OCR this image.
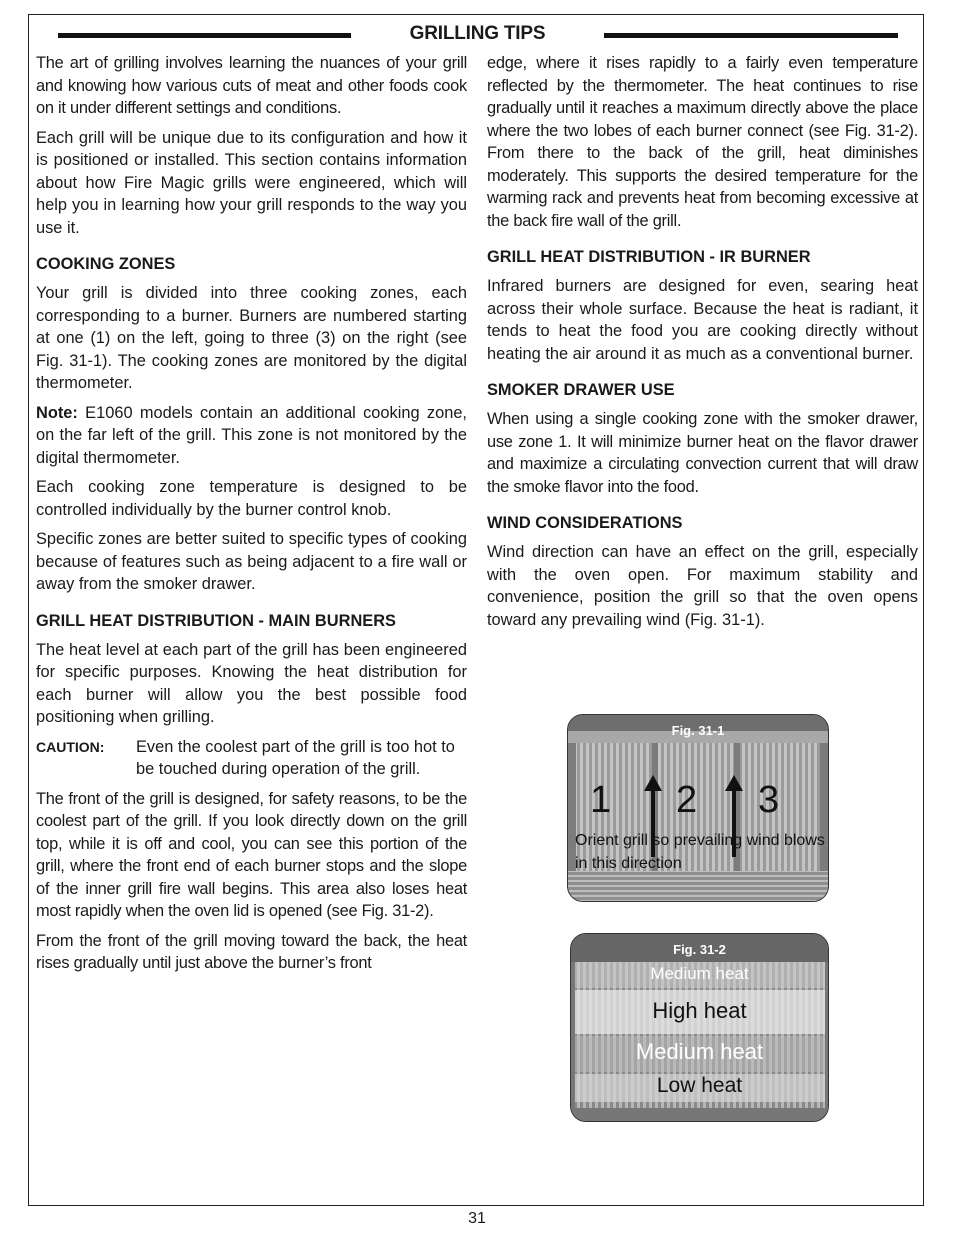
GRILLING TIPS

The art of grilling involves learning the nuances of your grill and knowing how various cuts of meat and other foods cook on it under different settings and conditions.

Each grill will be unique due to its configuration and how it is positioned or installed. This section contains information about how Fire Magic grills were engineered, which will help you in learning how your grill responds to the way you use it.

COOKING ZONES

Your grill is divided into three cooking zones, each corresponding to a burner. Burners are numbered starting at one (1) on the left, going to three (3) on the right (see Fig. 31-1). The cooking zones are monitored by the digital thermometer.

Note: E1060 models contain an additional cooking zone, on the far left of the grill. This zone is not monitored by the digital thermometer.

Each cooking zone temperature is designed to be controlled individually by the burner control knob.

Specific zones are better suited to specific types of cooking because of features such as being adjacent to a fire wall or away from the smoker drawer.

GRILL HEAT DISTRIBUTION - MAIN BURNERS

The heat level at each part of the grill has been engineered for specific purposes. Knowing the heat distribution for each burner will allow you the best possible food positioning when grilling.

CAUTION:	Even the coolest part of the grill is too hot to be touched during operation of the grill.

The front of the grill is designed, for safety reasons, to be the coolest part of the grill. If you look directly down on the grill top, while it is off and cool, you can see this portion of the grill, where the front end of each burner stops and the slope of the inner grill fire wall begins. This area also loses heat most rapidly when the oven lid is opened (see Fig. 31-2).

From the front of the grill moving toward the back, the heat rises gradually until just above the burner’s front

edge, where it rises rapidly to a fairly even temperature reflected by the thermometer. The heat continues to rise gradually until it reaches a maximum directly above the place where the two lobes of each burner connect (see Fig. 31-2). From there to the back of the grill, heat diminishes moderately. This supports the desired temperature for the warming rack and prevents heat from becoming excessive at the back fire wall of the grill.

GRILL HEAT DISTRIBUTION - IR BURNER

Infrared burners are designed for even, searing heat across their whole surface. Because the heat is radiant, it tends to heat the food you are cooking directly without heating the air around it as much as a conventional burner.

SMOKER DRAWER USE

When using a single cooking zone with the smoker drawer, use zone 1. It will minimize burner heat on the flavor drawer and maximize a circulating convection current that will draw the smoke flavor into the food.

WIND CONSIDERATIONS

Wind direction can have an effect on the grill, especially with the oven open. For maximum stability and convenience, position the grill so that the oven opens toward any prevailing wind (Fig. 31-1).

Fig. 31-1
1 2 3
Orient grill so prevailing wind blows in this direction
Fig. 31-2
Medium heat
High heat
Medium heat
Low heat
31
